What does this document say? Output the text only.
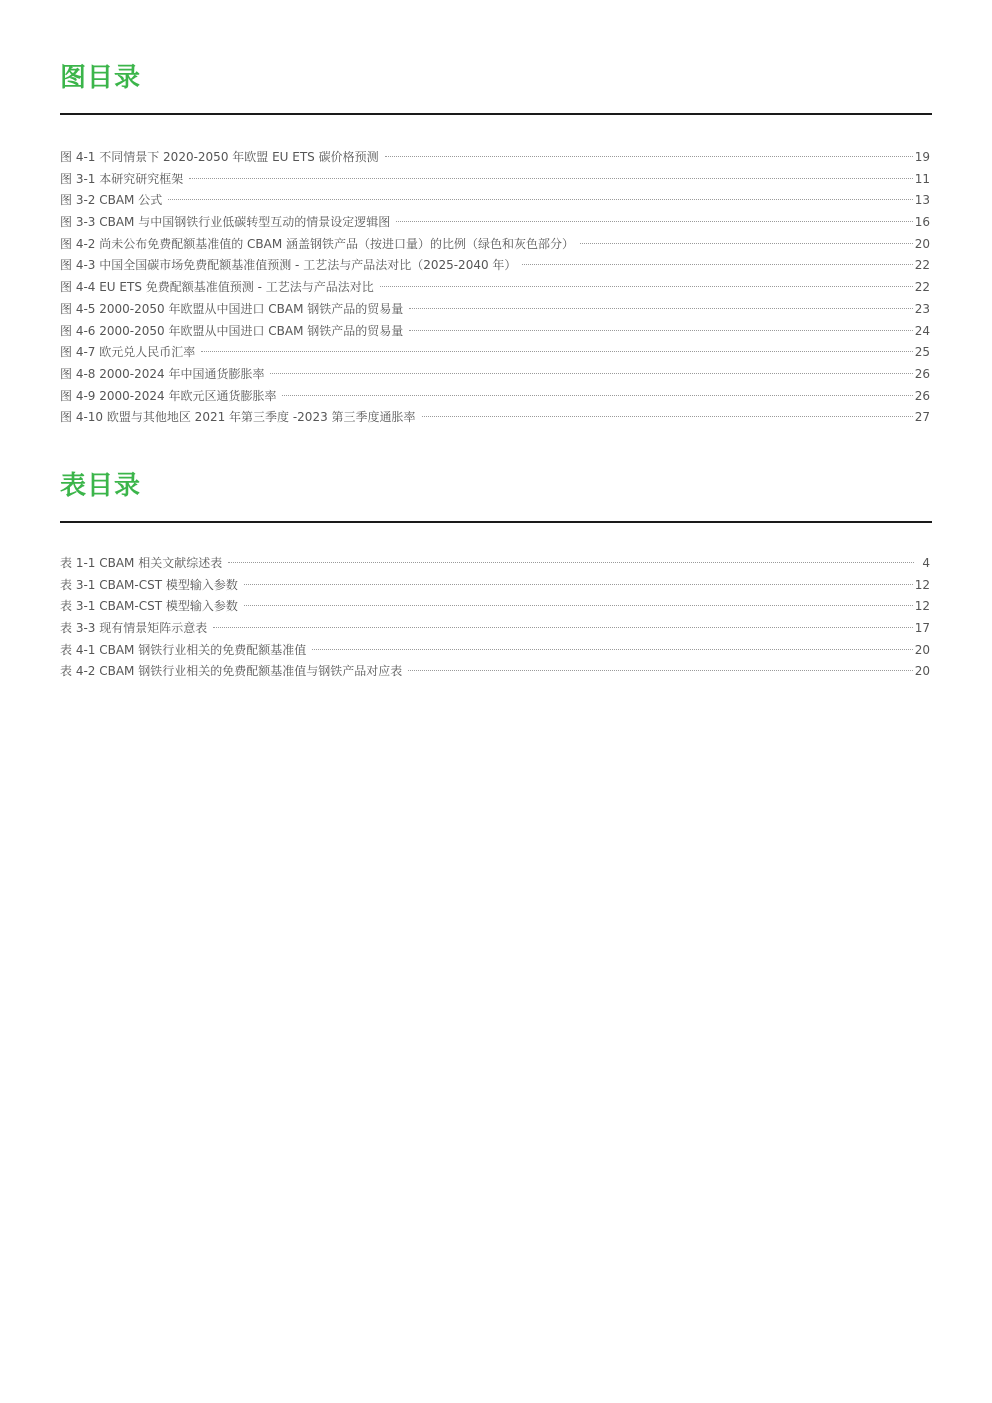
图目录
图 4-1 不同情景下 2020-2050 年欧盟 EU ETS 碳价格预测	19
图 3-1 本研究研究框架	11
图 3-2 CBAM 公式	13
图 3-3 CBAM 与中国钢铁行业低碳转型互动的情景设定逻辑图	16
图 4-2 尚未公布免费配额基准值的 CBAM 涵盖钢铁产品（按进口量）的比例（绿色和灰色部分）	20
图 4-3 中国全国碳市场免费配额基准值预测 - 工艺法与产品法对比（2025-2040 年）	22
图 4-4 EU ETS 免费配额基准值预测 - 工艺法与产品法对比	22
图 4-5 2000-2050 年欧盟从中国进口 CBAM 钢铁产品的贸易量	23
图 4-6 2000-2050 年欧盟从中国进口 CBAM 钢铁产品的贸易量	24
图 4-7 欧元兑人民币汇率	25
图 4-8 2000-2024 年中国通货膨胀率	26
图 4-9 2000-2024 年欧元区通货膨胀率	26
图 4-10 欧盟与其他地区 2021 年第三季度 -2023 第三季度通胀率	27
表目录
表 1-1 CBAM 相关文献综述表	4
表 3-1 CBAM-CST 模型输入参数	12
表 3-1 CBAM-CST 模型输入参数	12
表 3-3 现有情景矩阵示意表	17
表 4-1 CBAM 钢铁行业相关的免费配额基准值	20
表 4-2 CBAM 钢铁行业相关的免费配额基准值与钢铁产品对应表	20
